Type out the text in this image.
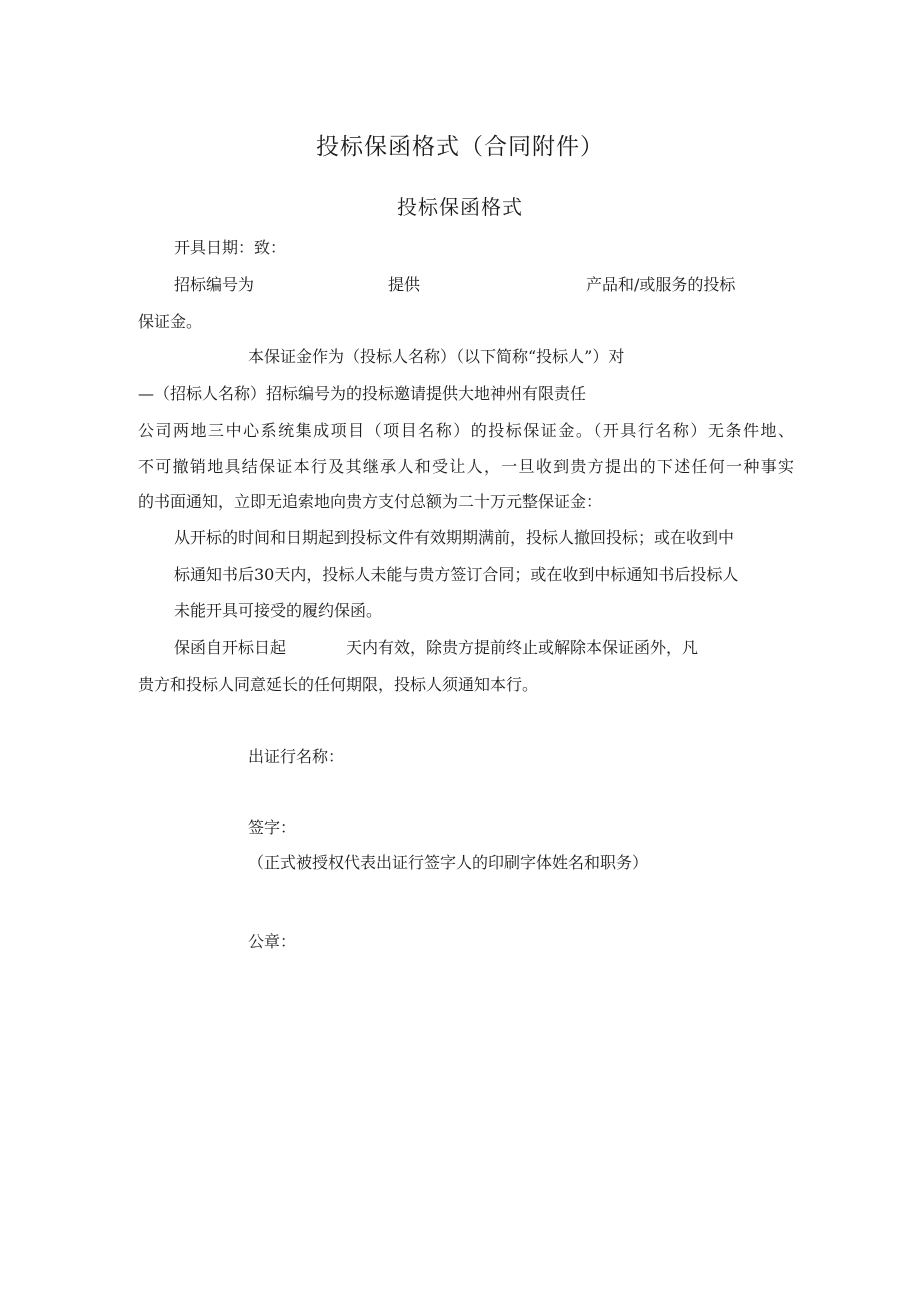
投标保函格式（合同附件）
投标保函格式
开具日期：致：
招标编号为	提供	产品和/或服务的投标
保证金。
本保证金作为（投标人名称）（以下简称“投标人”）对
—（招标人名称）招标编号为的投标邀请提供大地神州有限责任
公司两地三中心系统集成项目（项目名称）的投标保证金。（开具行名称）无条件地、
不可撤销地具结保证本行及其继承人和受让人，一旦收到贵方提出的下述任何一种事实
的书面通知，立即无追索地向贵方支付总额为二十万元整保证金：
从开标的时间和日期起到投标文件有效期期满前，投标人撤回投标；或在收到中
标通知书后30天内，投标人未能与贵方签订合同；或在收到中标通知书后投标人
未能开具可接受的履约保函。
保函自开标日起	天内有效，除贵方提前终止或解除本保证函外，凡
贵方和投标人同意延长的任何期限，投标人须通知本行。
出证行名称：
签字：
（正式被授权代表出证行签字人的印刷字体姓名和职务）
公章：
